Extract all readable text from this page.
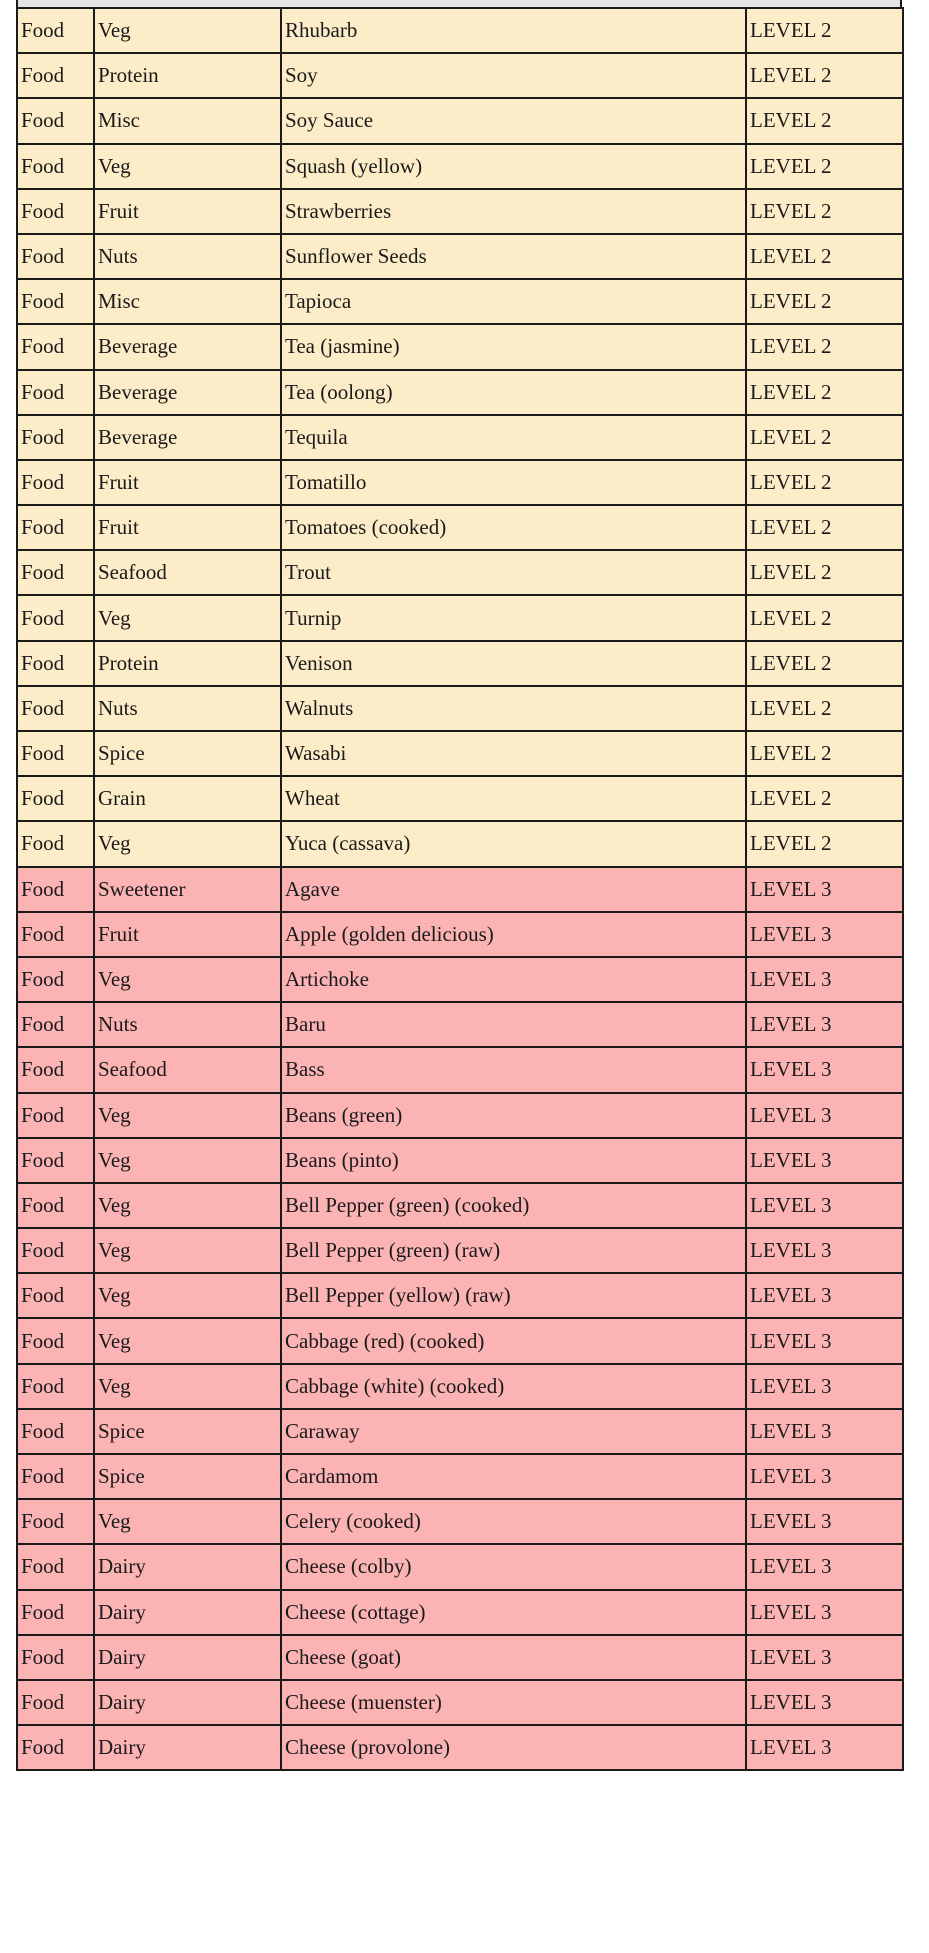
Food	Veg	Rhubarb	LEVEL 2
Food	Protein	Soy	LEVEL 2
Food	Misc	Soy Sauce	LEVEL 2
Food	Veg	Squash (yellow)	LEVEL 2
Food	Fruit	Strawberries	LEVEL 2
Food	Nuts	Sunflower Seeds	LEVEL 2
Food	Misc	Tapioca	LEVEL 2
Food	Beverage	Tea (jasmine)	LEVEL 2
Food	Beverage	Tea (oolong)	LEVEL 2
Food	Beverage	Tequila	LEVEL 2
Food	Fruit	Tomatillo	LEVEL 2
Food	Fruit	Tomatoes (cooked)	LEVEL 2
Food	Seafood	Trout	LEVEL 2
Food	Veg	Turnip	LEVEL 2
Food	Protein	Venison	LEVEL 2
Food	Nuts	Walnuts	LEVEL 2
Food	Spice	Wasabi	LEVEL 2
Food	Grain	Wheat	LEVEL 2
Food	Veg	Yuca (cassava)	LEVEL 2
Food	Sweetener	Agave	LEVEL 3
Food	Fruit	Apple (golden delicious)	LEVEL 3
Food	Veg	Artichoke	LEVEL 3
Food	Nuts	Baru	LEVEL 3
Food	Seafood	Bass	LEVEL 3
Food	Veg	Beans (green)	LEVEL 3
Food	Veg	Beans (pinto)	LEVEL 3
Food	Veg	Bell Pepper (green) (cooked)	LEVEL 3
Food	Veg	Bell Pepper (green) (raw)	LEVEL 3
Food	Veg	Bell Pepper (yellow) (raw)	LEVEL 3
Food	Veg	Cabbage (red) (cooked)	LEVEL 3
Food	Veg	Cabbage (white) (cooked)	LEVEL 3
Food	Spice	Caraway	LEVEL 3
Food	Spice	Cardamom	LEVEL 3
Food	Veg	Celery (cooked)	LEVEL 3
Food	Dairy	Cheese (colby)	LEVEL 3
Food	Dairy	Cheese (cottage)	LEVEL 3
Food	Dairy	Cheese (goat)	LEVEL 3
Food	Dairy	Cheese (muenster)	LEVEL 3
Food	Dairy	Cheese (provolone)	LEVEL 3
